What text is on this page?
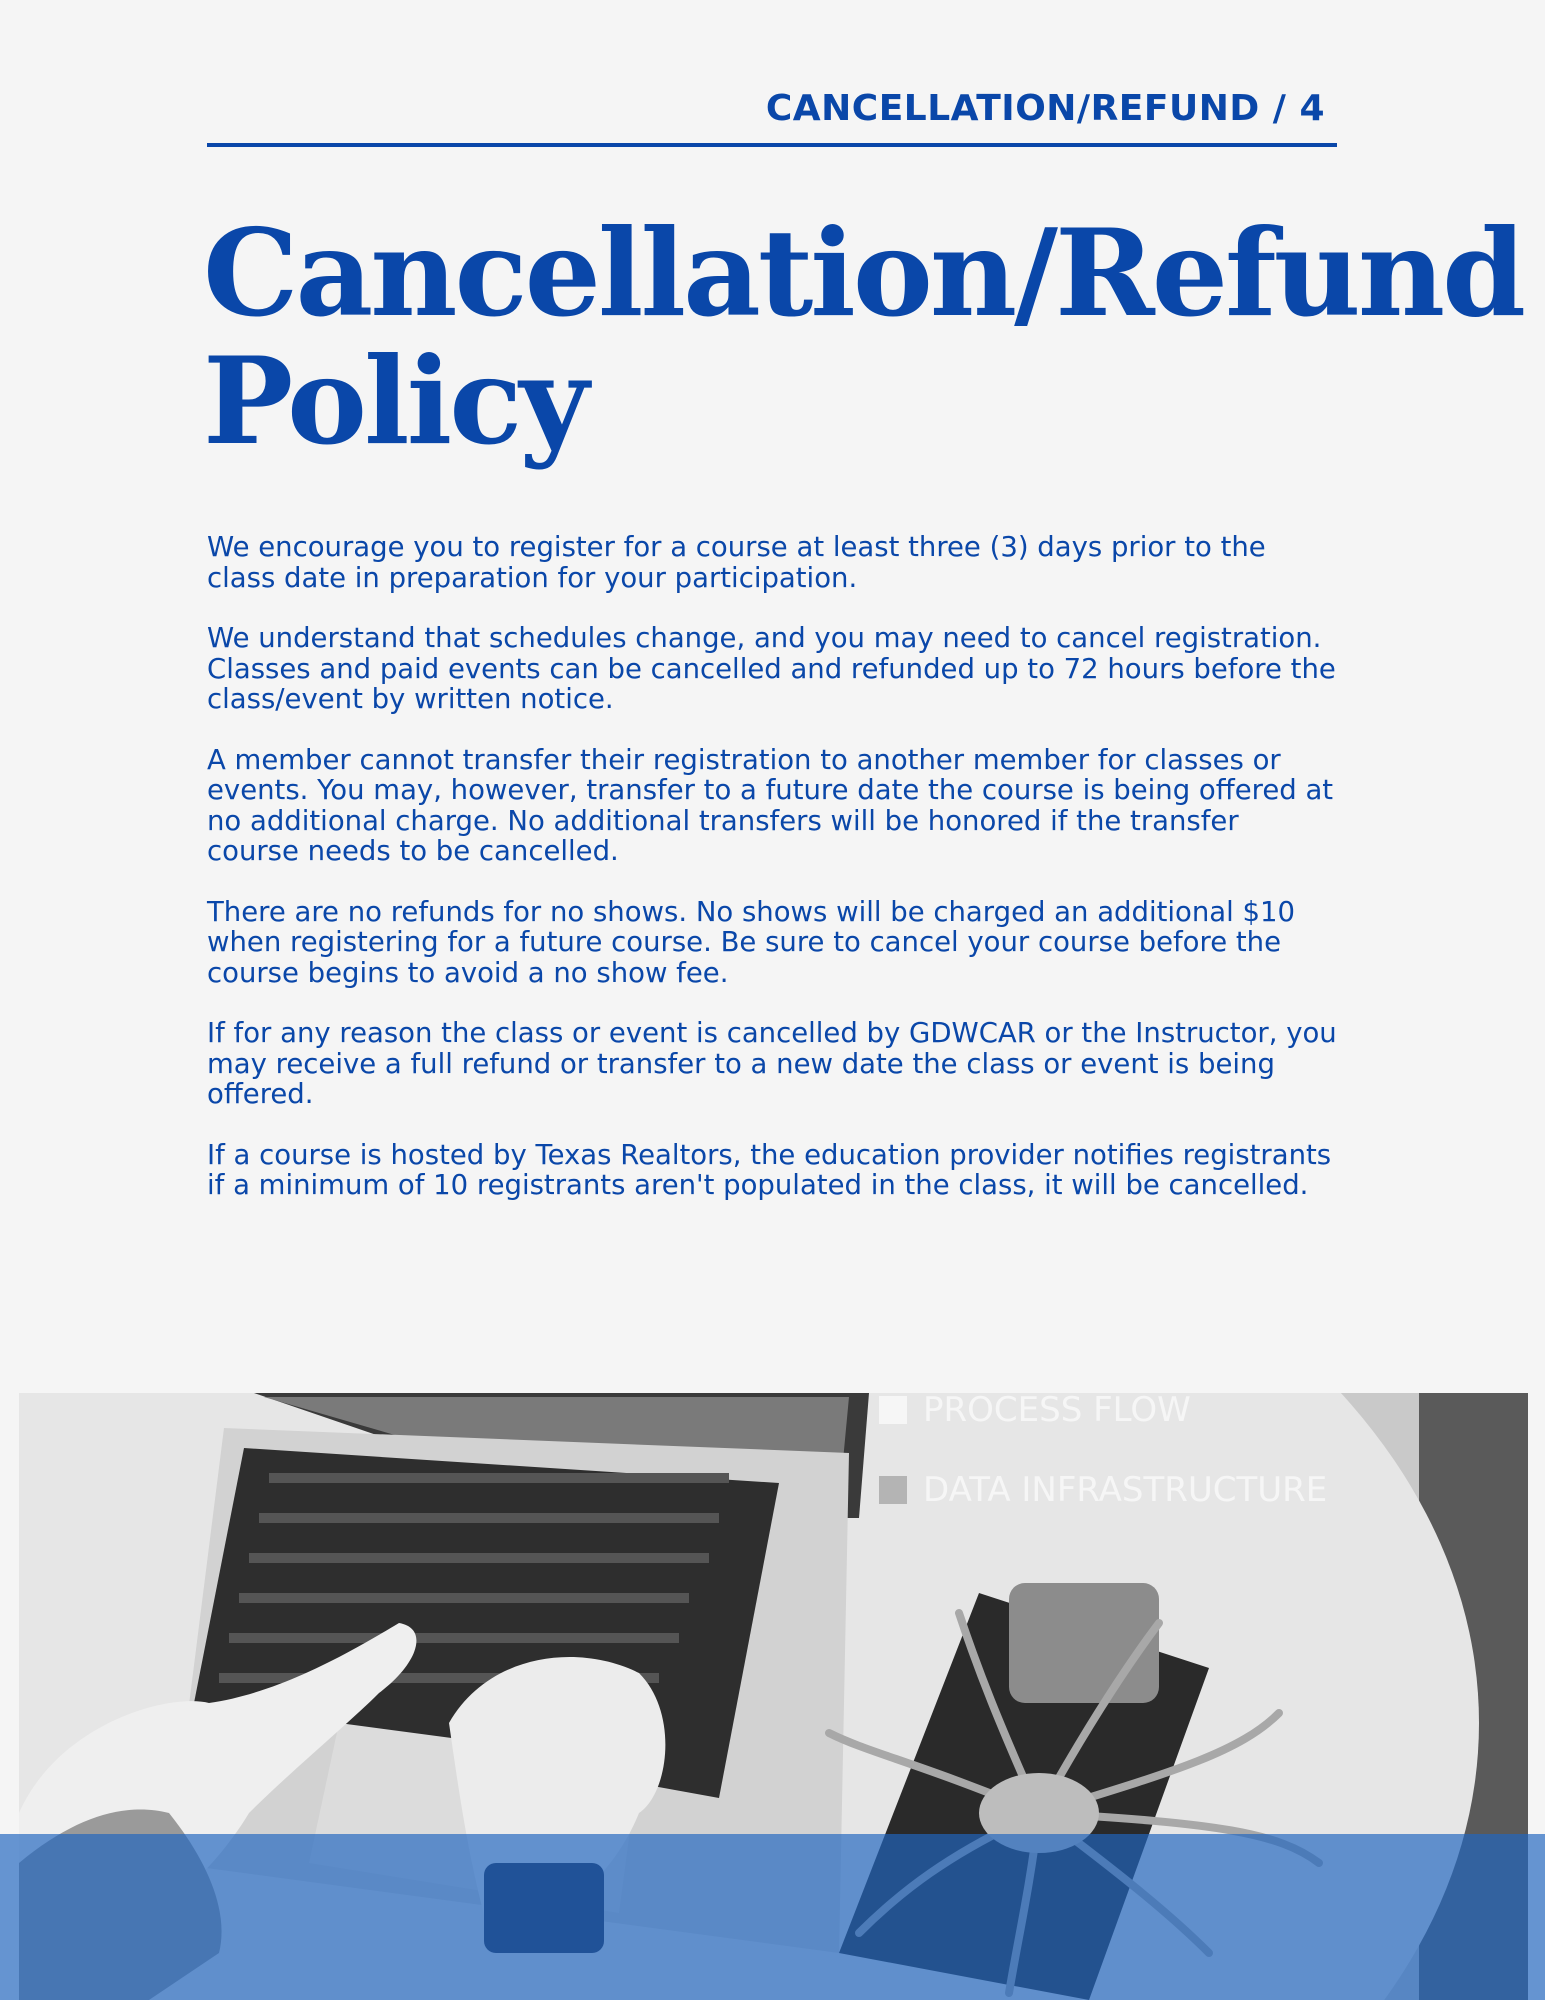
CANCELLATION/REFUND / 4
Cancellation/Refund
Policy

We encourage you to register for a course at least three (3) days prior to the class date in preparation for your participation.

We understand that schedules change, and you may need to cancel registration. Classes and paid events can be cancelled and refunded up to 72 hours before the class/event by written notice.

A member cannot transfer their registration to another member for classes or events. You may, however, transfer to a future date the course is being offered at no additional charge. No additional transfers will be honored if the transfer course needs to be cancelled.

There are no refunds for no shows. No shows will be charged an additional $10 when registering for a future course. Be sure to cancel your course before the course begins to avoid a no show fee.

If for any reason the class or event is cancelled by GDWCAR or the Instructor, you may receive a full refund or transfer to a new date the class or event is being offered.

If a course is hosted by Texas Realtors, the education provider notifies registrants if a minimum of 10 registrants aren't populated in the class, it will be cancelled.

PROCESS FLOW
DATA INFRASTRUCTURE
